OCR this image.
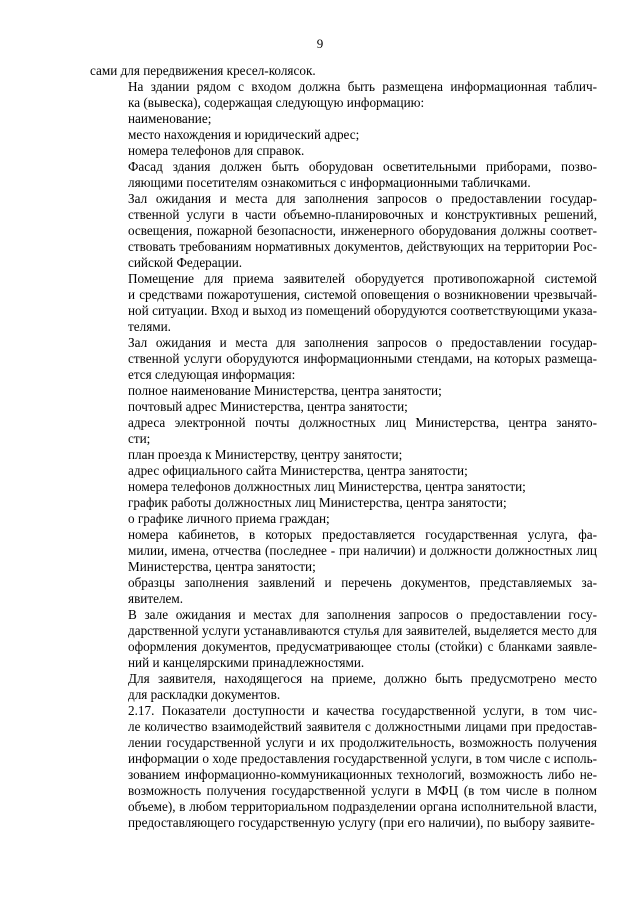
9
сами для передвижения кресел-колясок.
На здании рядом с входом должна быть размещена информационная таблич-
ка (вывеска), содержащая следующую информацию:
наименование;
место нахождения и юридический адрес;
номера телефонов для справок.
Фасад здания должен быть оборудован осветительными приборами, позво-
ляющими посетителям ознакомиться с информационными табличками.
Зал ожидания и места для заполнения запросов о предоставлении государ-
ственной услуги в части объемно-планировочных и конструктивных решений,
освещения, пожарной безопасности, инженерного оборудования должны соответ-
ствовать требованиям нормативных документов, действующих на территории Рос-
сийской Федерации.
Помещение для приема заявителей оборудуется противопожарной системой
и средствами пожаротушения, системой оповещения о возникновении чрезвычай-
ной ситуации. Вход и выход из помещений оборудуются соответствующими указа-
телями.
Зал ожидания и места для заполнения запросов о предоставлении государ-
ственной услуги оборудуются информационными стендами, на которых размеща-
ется следующая информация:
полное наименование Министерства, центра занятости;
почтовый адрес Министерства, центра занятости;
адреса электронной почты должностных лиц Министерства, центра занято-
сти;
план проезда к Министерству, центру занятости;
адрес официального сайта Министерства, центра занятости;
номера телефонов должностных лиц Министерства, центра занятости;
график работы должностных лиц Министерства, центра занятости;
о графике личного приема граждан;
номера кабинетов, в которых предоставляется государственная услуга, фа-
милии, имена, отчества (последнее - при наличии) и должности должностных лиц
Министерства, центра занятости;
образцы заполнения заявлений и перечень документов, представляемых за-
явителем.
В зале ожидания и местах для заполнения запросов о предоставлении госу-
дарственной услуги устанавливаются стулья для заявителей, выделяется место для
оформления документов, предусматривающее столы (стойки) с бланками заявле-
ний и канцелярскими принадлежностями.
Для заявителя, находящегося на приеме, должно быть предусмотрено место
для раскладки документов.
2.17. Показатели доступности и качества государственной услуги, в том чис-
ле количество взаимодействий заявителя с должностными лицами при предостав-
лении государственной услуги и их продолжительность, возможность получения
информации о ходе предоставления государственной услуги, в том числе с исполь-
зованием информационно-коммуникационных технологий, возможность либо не-
возможность получения государственной услуги в МФЦ (в том числе в полном
объеме), в любом территориальном подразделении органа исполнительной власти,
предоставляющего государственную услугу (при его наличии), по выбору заявите-
